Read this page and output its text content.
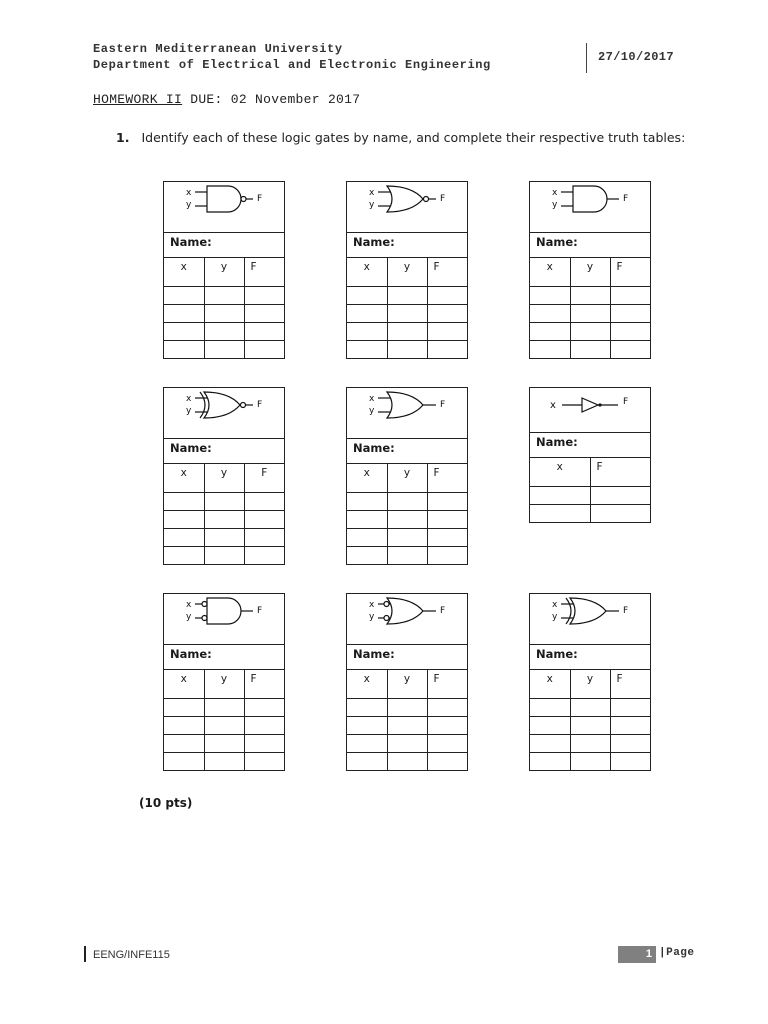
Eastern Mediterranean University
Department of Electrical and Electronic Engineering
27/10/2017
HOMEWORK II DUE: 02 November 2017
1. Identify each of these logic gates by name, and complete their respective truth tables:
x
y
F
Name:
x	y	F

x
y
F
Name:
x	y	F

x
y
F
Name:
x	y	F

x
y
F
Name:
x	y	F

x
y
F
Name:
x	y	F

x	F
Name:
x	F

x
y
F
Name:
x	y	F

x
y
F
Name:
x	y	F

x
y
F
Name:
x	y	F

(10 pts)
EENG/INFE115	1 |Page
